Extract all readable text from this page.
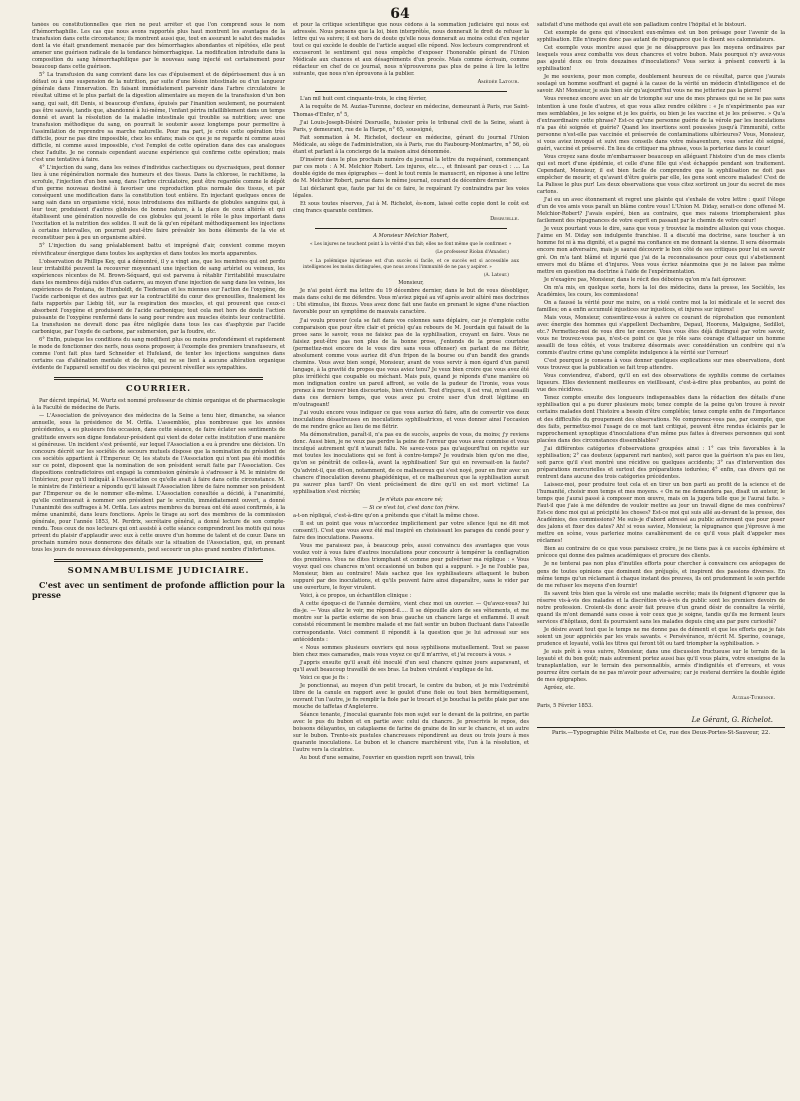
64

tanées ou constitutionnelles que rien ne peut arrêter et que l'on comprend sous le nom d'hémorrhaphilie. Les cas que nous avons rapportés plus haut montrent les avantages de la transfusion dans cette circonstance; ils montrent aussi que, tout en assurant le salut des malades dont la vie était grandement menacée par des hémorrhagies abondantes et répétées, elle peut amener une guérison radicale de la tendance hémorrhagique. La modification introduite dans la composition du sang hémorrhaphilique par le nouveau sang injecté est certainement pour beaucoup dans cette guérison.

5° La transfusion du sang convient dans les cas d'épuisement et de dépérissement dus à un défaut ou à une suspension de la nutrition, par suite d'une lésion intestinale ou d'un langueur générale dans l'innervation. En faisant immédiatement parvenir dans l'arbre circulatoire le résultat ultime et le plus parfait de la digestion alimentaire au moyen de la transfusion d'un bon sang, qui sait, dit Denis, si beaucoup d'enfans, épuisés par l'inanition seulement, ne pourraient pas être sauvés, tandis que, abandonné à lui-même, l'enfant périra infailliblement dans un temps donné et avant la résolution de la maladie intestinale qui troublie sa nutrition; avec une transfusion méthodique du sang, on pourrait le soutenir assez longtemps pour permettre à l'assimilation de reprendre sa marche naturelle. Pour ma part, je crois cette opération très difficile, pour ne pas dire impossible, chez les enfans; mais ce que je ne regarde ni comme aussi difficile, ni comme aussi impossible, c'est l'emploi de cette opération dans des cas analogues chez l'adulte. Je ne connais cependant aucune expérience qui confirme cette opération; mais c'est une tentative à faire.

4° L'injection du sang, dans les veines d'individus cachectiques ou dyscrasiques, peut donner lieu à une régénération normale des humeurs et des tissus. Dans la chlorose, le rachitisme, la scrofule, l'injection d'un bon sang, dans l'arbre circulatoire, peut être regardée comme le dépôt d'un germe nouveau destiné à favoriser une reproduction plus normale des tissus, et par conséquent une modification dans la constitution tout entière. En injectant quelques onces de sang sain dans un organisme vicié, nous introduisons des milliards de globules sanguins qui, à leur tour, produisent d'autres globules de bonne nature, à la place de ceux altérés et qui établissent une génération nouvelle de ces globules qui jouent le rôle le plus important dans l'excitation et la nutrition des solides. Il suit de là qu'en répétant méthodiquement les injections à certains intervalles, on pourrait peut-être faire prévaloir les bons éléments de la vie et reconstituer peu à peu un organisme altéré.

5° L'injection du sang préalablement battu et imprégné d'air, convient comme moyen révivificateur énergique dans toutes les asphyxies et dans toutes les morts apparentes.

L'observation de Phillips Key, qui a démontré, il y a vingt ans, que les membres qui ont perdu leur irritabilité peuvent la recouvrer moyennant une injection de sang artériel ou veineux, les expériences récentes de M. Brown-Séquard, qui est parvenu à rétablir l'irritabilité musculaire dans les membres déjà raides d'un cadavre, au moyen d'une injection de sang dans les veines, les expériences de Fontana, de Humboldt, de Tiedeman et les miennes sur l'action de l'oxygène, de l'acide carbonique et des autres gaz sur la contractilité du cœur des grenouilles, finalement les faits rapportés par Liebig tôt, sur la respiration des muscles, et qui prouvent que ceux-ci absorbent l'oxygène et produisent de l'acide carbonique; tout cela met hors de doute l'action puissante de l'oxygène renfermé dans le sang pour rendre aux muscles éteints leur contractilité. La transfusion ne devrait donc pas être négligée dans tous les cas d'asphyxie par l'acide carbonique, par l'oxyde de carbone, par submersion, par la foudre, etc.

6° Enfin, puisque les conditions du sang modifient plus ou moins profondément et rapidement le mode de fonctionner des nerfs, nous osons proposer, à l'exemple des premiers transfuseurs, et comme l'ont fait plus tard Schneider et Hufeland, de tenter les injections sanguines dans certains cas d'aliénation mentale et de folie, qui ne se lient à aucune altération organique évidente de l'appareil sensitif ou des viscères qui peuvent réveiller ses sympathies.

COURRIER.

Par décret impérial, M. Wurtz est nommé professeur de chimie organique et de pharmacologie à la Faculté de médecine de Paris.

— L'Association de prévoyance des médecins de la Seine a tenu hier, dimanche, sa séance annuelle, sous la présidence de M. Orfila. L'assemblée, plus nombreuse que les années précédentes, a eu plusieurs fois occasion, dans cette séance, de faire éclater ses sentiments de gratitude envers son digne fondateur-président qui vient de doter cette institution d'une manière si généreuse. Un incident s'est présenté, sur lequel l'Association a eu à prendre une décision. Un concours décrét sur les sociétés de secours mutuels dispose que la nomination du président de ces sociétés appartient à l'Empereur. Or, les statuts de l'Association qui n'ont pas été modifiés sur ce point, disposent que la nomination de son président serait faite par l'Association. Ces dispositions contradictoires ont engagé la commission générale à s'adresser à M. le ministre de l'intérieur, pour qu'il indiquât à l'Association ce qu'elle avait à faire dans cette circonstance. M. le ministre de l'intérieur a répondu qu'il laissait l'Association libre de faire nommer son président par l'Empereur ou de le nommer elle-même. L'Association consultée a décidé, à l'unanimité, qu'elle continuerait à nommer son président par le scrutin, immédiatement ouvert, a donné l'unanimité des suffrages à M. Orfila. Les autres membres du bureau ont été aussi confirmés, à la même unanimité, dans leurs fonctions. Après le tirage au sort des membres de la commission générale, pour l'année 1853, M. Perdrix, secrétaire général, a donné lecture de son compte-rendu. Tous ceux de nos lecteurs qui ont assisté à cette séance comprendront les motifs qui nous privent du plaisir d'applaudir avec eux à cette œuvre d'un homme de talent et de cœur. Dans un prochain numéro nous donnerons des détails sur la situation de l'Association, qui, en prenant tous les jours de nouveaux développements, peut secourir un plus grand nombre d'infortunes.

SOMNAMBULISME JUDICIAIRE.

C'est avec un sentiment de profonde affliction pour la presse

et pour la critique scientifique que nous cédons à la sommation judiciaire qui nous est adressée. Nous pensons que la loi, bien interprétée, nous donnerait le droit de refuser la lettre qui va suivre; il est hors de doute qu'elle nous donnerait au moins celui d'en rejeter tout ce qui excède le double de l'article auquel elle répond. Nos lecteurs comprendront et excuseront le sentiment qui nous empêche d'exposer l'honorable gérant de l'Union Médicale aux chances et aux désagréments d'un procès. Mais comme écrivain, comme rédacteur en chef de ce journal, nous n'éprouverons pas plus de peine à lire la lettre suivante, que nous n'en éprouvons à la publier.

Amédée Latour.

L'an mil huit cent cinquante-trois, le cinq février,

A la requête de M. Auzias-Turenne, docteur en médecine, demeurant à Paris, rue Saint-Thomas-d'Enfer, n° 5,

J'ai Louis-Joseph-Désiré Desruelle, huissier près le tribunal civil de la Seine, séant à Paris, y demeurant, rue de la Harpe, n° 65, soussigné,

Fait sommation à M. Richelot, docteur en médecine, gérant du journal l'Union Médicale, au siège de l'administration, sis à Paris, rue du Faubourg-Montmartre, n° 56, où étant et parlant à la concierge de la maison ainsi dénommée.

D'insérer dans le plus prochain numéro du journal la lettre du requérant, commençant par ces mots : A M. Melchior Robert. Les injures, etc...., et finissant par ceux-ci : .... La double égide de mes épigraphes — dont le tout remis le manuscrit, en réponse à une lettre de M. Melchior Robert, parue dans le même journal, courant de décembre dernier.

Lui déclarant que, faute par lui de ce faire, le requérant l'y contraindra par les voies légales.

Et sous toutes réserves, j'ai à M. Richelot, ès-nom, laissé cette copie dont le coût est cinq francs quarante centimes.

Desruelle.

A Monsieur Melchior Robert,

« Les injures ne touchent point à la vérité d'un fait; elles ne font même que le confirmer. »

(Le professeur Riolan d'Amador.)

« La polémique injurieuse est d'un succès si facile, et ce succès est si accessible aux intelligences les moins distinguées, que nous avons l'immunité de ne pas y aspirer. »

(A. Latour.)

Monsieur,

Je n'ai point écrit ma lettre du 19 décembre dernier, dans le but de vous désobliger, mais dans celui de me défendre. Vous m'aviez piqué au vif après avoir altéré mes doctrines : Ubi stimulus, ibi fluxus. Vous avez donc fait une faute en prenant le signe d'une réaction favorable pour un symptôme de mauvais caractère.

J'ai voulu prouver (cela se fait dans vos colonnes sans déplaire, car je n'emploie cette comparaison que pour être clair et précis) qu'au rebours de M. Jourdain qui faisait de la prose sans le savoir, vous ne faisiez pas de la syphilisation, croyant en faire. Vous ne faisiez peut-être pas non plus de la bonne prose, j'entends de la prose courtoise (permettez-moi encore de le vous dire sans vous offenser) en parlant de me flétrir, absolument comme vous auriez dit d'un fripon de la bourse ou d'un bandit des grands chemins. Vous avez bien songé, Monsieur, avant de vous servir à mon égard d'un pareil langage, à la gravité du propos que vous aviez tenu? Je veux bien croire que vous avez été plus irréfléchi que coupable ou méchant. Mais puis, quand je réponds d'une manière où mon indignation contre un pareil affront, se voile de la pudeur de l'ironie, vous vous prenez à me trouver bien discourtois, bien virulent. Tout d'injures, il est vrai, m'ont assailli dans ces derniers temps, que vous avez pu croire user d'un droit légitime en m'outrageant!

J'ai voulu encore vous indiquer ce que vous auriez dû faire, afin de convertir vos deux inoculations désastreuses en inoculations syphilisatrices, et vous donner ainsi l'occasion de me rendre grâce au lieu de me flétrir.

Ma démonstration, paraît-il, n'a pas eu de succès, auprès de vous, du moins; j'y reviens donc. Aussi bien, je ne veux pas perdre la peine de l'erreur que vous avez commise et vous inculqué autrement qu'il n'aurait fallu. Ne savez-vous pas qu'aujourd'hui on rejette sur moi toutes les inoculations qui se font à contre-temps? Je voudrais bien qu'on me dise, qu'on se pénétrât de celles-là, avant la syphilisation! Sur qui en reversait-on la faute? Qu'advint-il, que dit-on, notamment, de ce malheureux qui s'est noyé, pour en finir avec un chancre d'inoculation devenu phagédénique, et ce malheureux que la syphilisation aurait pu sauver plus tard? On vient précisément de dire qu'il en est mort victime! La syphilisation s'est récriée;

Je n'étais pas encore né;

— Si ce n'est toi, c'est donc ton frère.

a-t-on répliqué, c'est-à-dire qu'on a prétendu que c'était la même chose.

Il est un point que vous m'accordez implicitement par votre silence (qui ne dit mot consent!). C'est que vous avez été mal inspiré en choisissant les parages du condé pour y faire des inoculations. Passons.

Vous me paraissez pas, à beaucoup près, aussi convaincu des avantages que vous voulez voir à vous faire d'autres inoculations pour concourir à tempérer la conflagration des premières. Vous ne dites triomphant et comme pour pulvériser ma réplique : « Vous voyez quel ces chancres m'ont occasionné un bubon qui a suppuré. » Je ne l'oublie pas, Monsieur, bien au contraire! Mais sachez que les syphilisateurs attaquent le bubon suppuré par des inoculations, et qu'ils peuvent faire ainsi disparaître, sans le vider par une ouverture, le foyer virulent.

Voici, à ce propos, un échantillon clinique :

A cette époque-ci de l'année dernière, vient chez moi un ouvrier. — Qu'avez-vous? lui dis-je. — Vous allez le voir, me répond-il..... Il se dépouille alors de ses vêtements, et me montre sur la partie externe de son bras gauche un chancre large et enflammé. Il avait consisté récemment le membre malade et me fait sentir un bubon fluctuant dans l'aisselle correspondante. Voici comment il répondit à la question que je lui adressai sur ses antécédents :

« Nous sommes plusieurs ouvriers qui nous syphilisons mutuellement. Tout se passe bien chez mes camarades, mais vous voyez ce qu'il m'arrive, et j'ai recours à vous. »

J'appris ensuite qu'il avait été inoculé d'un seul chancre quinze jours auparavant, et qu'il avait beaucoup travaillé de ses bras. Le bubon virulent s'explique de lui.

Voici ce que je fis :

Je ponctionnai, au moyen d'un petit trocart, le centre du bubon, et je mis l'extrémité libre de la canule en rapport avec le goulot d'une fiole ou tout bien hermétiquement, ouvrant l'un l'autre, je fis remplir la fiole par le trocart et je bouchai la petite plaie par une mouche de taffetas d'Angleterre.

Séance tenante, j'inoculai quarante fois mon sujet sur le devant de la poitrine, en partie avec le pus du bubon et en partie avec celui du chancre. Je prescrivis le repos, des boissons délayantes, un cataplasme de farine de graine de lin sur le chancre, et un autre sur le bubon. Trente-six pustules chancreuses répondirent au deux ou trois jours à mes quarante inoculations. Le bubon et le chancre marchèrent vite, l'un à la résolution, et l'autre vers la cicatrice.

Au bout d'une semaine, l'ouvrier en question reprit son travail, très

satisfait d'une méthode qui avait été son palladium contre l'hôpital et le bistouri.

Cet exemple de gens qui s'inoculent eux-mêmes est un bon présage pour l'avenir de la syphilisation. Elle n'inspire donc pas autant de répugnance que le disent ses calomniateurs.

Cet exemple vous montre aussi que je ne désapprouve pas les moyens ordinaires par lesquels vous avez combattu vos deux chancres et votre bubon. Mais pourquoi n'y avez-vous pas ajouté deux ou trois douzaines d'inoculations? Vous seriez à présent converti à la syphilisation!

Je me souviens, pour mon compte, doublement heureux de ce résultat, parce que j'aurais soulagé un homme souffrant et gagné à la cause de la vérité un médecin d'intelligence et de savoir. Ah! Monsieur, je suis bien sûr qu'aujourd'hui vous ne me jetteriez pas la pierre!

Vous revenez encore avec un air de triomphe sur une de mes phrases qui ne se lie pas sans intention à une foule d'autres, et que vous allez rendre célèbre : « Je n'expérimente pas sur mes semblables, je les soigne et je les guéris, ou bien je les vaccine et je les préserve. » Qu'a d'extraordinaire cette phrase? Est-ce qu'une personne guérie de la vérole par les inoculations n'a pas été soignée et guérie? Quand les insertions sont poussées jusqu'à l'immunité, cette personne n'est-elle pas vaccinée et préservée de contaminations ultérieures? Vous, Monsieur, si vous aviez invoqué et suivi mes conseils dans votre mésaventure, vous seriez été soigné, guéri, vacciné et préservé. En lieu de critiquer ma phrase, vous la porteriez dans le cœur!

Vous croyez sans doute m'embarrasser beaucoup en alléguant l'histoire d'un de mes clients qui est mort d'une épidémie, et celle d'une fille qui s'est échappée pendant son traitement. Cependant, Monsieur, il est bien facile de comprendre que la syphilisation ne doit pas empêcher de mourir, et qu'avant d'être guéris par elle, les gens sont encore malades! C'est de La Palisse le plus pur! Les deux observations que vous citez sortiront un jour du secret de mes cartons.

J'ai eu un avec étonnement et regret une plainte qui s'exhale de votre lettre : quoi! l'éloge d'un de vos amis vous paraît un blâme contre vous! L'Union M. Diday, serait-ce donc offensé M. Melchior-Robert? J'avais espéré, bien au contraire, que mes raisons triompheraient plus facilement des répugnances de votre esprit en passant par le chemin de votre cœur!

Je veux pourtant vous le dire, sans que vous y trouviez la moindre allusion qui vous choque. J'aime en M. Diday son indulgente franchise. Il a discuté ma doctrine, sans toucher à un homme foi ni à ma dignité, et a gagné ma confiance en me donnant la sienne. Il sera désormais encore mon adversaire, mais je saurai découvrir le bon côté de ses critiques pour lui en savoir gré. On m'a tant blâmé et injurié que j'ai de la reconnaissance pour ceux qui s'abstiennent envers moi du blâme et d'injures. Vous vous écriez néanmoins que je ne laisse pas même mettre en question ma doctrine à l'aide de l'expérimentation.

Je n'exagère pas, Monsieur, dans le récit des déboires qu'on m'a fait éprouver.

On m'a mis, en quelque sorte, hors la loi des médecins, dans la presse, les Sociétés, les Académies, les cours, les commissions!

On a faussé la vérité pour me nuire, on a violé contre moi la loi médicale et le secret des familles; on a enfin accumulé injustices sur injustices, et injures sur injures!

Mais vous, Monsieur, consentirez-vous à suivre ce courant de réprobation que remontent avec énergie des hommes qui s'appellent Dechambre, Depaul, Hoorens, Malgaigne, Sedillot, etc.? Permettez-moi de vous dire ter encore. Vous vous êtes déjà distingué par votre savoir, vous ne trouvez-vous pas, n'est-ce point ce que je rôle sans courage d'attaquer un homme assailli de tous côtés, et vous traiterez désormais avec considération un confrère qui n'a commis d'autre crime qu'une complète indulgence à la vérité sur l'erreur!

C'est pourquoi je consens à vous donner quelques explications sur mes observations, dont vous trouvez que la publication se fait trop attendre.

Vous conviendrez, d'abord, qu'il en est des observations de syphilis comme de certaines liqueurs. Elles deviennent meilleures en vieillissant, c'est-à-dire plus probantes, au point de vue des récidives.

Tenez compte ensuite des longueurs indispensables dans la rédaction des détails d'une syphilisation qui a pu durer plusieurs mois; tenez compte de la peine qu'on trouve à revoir certains malades dont l'histoire a besoin d'être complétée; tenez compte enfin de l'importance et des difficultés du groupement des observations. Ne comprenez-vous pas, par exemple, que des faits, permettez-moi l'usage de ce mot tant critiqué, peuvent être rendus éclairés par le rapprochement synoptique d'inoculations d'un même pus faites à diverses personnes qui sont placées dans des circonstances dissemblables?

J'ai différentes catégories d'observations groupées ainsi : 1° cas très favorables à la syphilisation; 2° cas douteux (apparent rari nantes), soit parce que la guérison n'a pas eu lieu, soit parce qu'il s'est montré une récidive ou quelques accidents; 3° cas d'intervention des préparations mercurielles et surtout des préparations iodurées; 4° enfin, cas divers qui ne rentrent dans aucune des trois catégories précédentes.

Laissez-moi, pour produire tout cela et en tirer un bon parti au profit de la science et de l'humanité, choisir mon temps et mes moyens. « On ne me demandera pas, disait un auteur, le temps que j'aurai passé à composer mon œuvre, mais on la jugera telle que je l'aurai faite. » Faut-il que j'aie à me défendre de vouloir mettre au jour un travail digne de mes confrères? Est-ce donc moi qui ai précipité les choses? Est-ce moi qui suis allé au-devant de la presse, des Académies, des commissions? Me suis-je d'abord adressé au public autrement que pour poser des jalons et fixer des dates? Ah! si vous saviez, Monsieur, la répugnance que j'éprouve à me mettre en scène, vous parleriez moins cavalièrement de ce qu'il vous plaît d'appeler mes réclames!

Bien au contraire de ce que vous paraissez croire, je ne tiens pas à ce succès éphémère et précoce qui donne des palmes académiques et procure des clients.

Je ne tenterai pas non plus d'inutiles efforts pour chercher à convaincre ces aréopages de gens de toutes opinions que dominent des préjugés, et inspirent des passions diverses. En même temps qu'un réclamant à chaque instant des preuves, ils ont prudemment le soin perfide de me refuser les moyens d'en fournir!

Ils savent très bien que la vérole est une maladie secrète; mais ils feignent d'ignorer que la réserve vis-à-vis des malades et la discrétion vis-à-vis du public sont les premiers devoirs de notre profession. Croient-ils donc avoir fait preuve d'un grand désir de connaître la vérité, quand ils m'ont demandé sans cesse à voir ceux que je soigne, tandis qu'ils me ferment leurs services d'hôpitaux, dont ils pourraient sans les malades depuis cinq ans par pure curiosité?

Je désire avant tout que le temps ne me donne pas de démenti et que les efforts que je fais soient un jour appréciés par les vrais savants. « Persévérance, m'écrit M. Sperino, courage, prudence et loyauté, voilà les titres qui feront tôt ou tard triompher la syphilisation. »

Je suis prêt à vous suivre, Monsieur, dans une discussion fructueuse sur le terrain de la loyauté et du bon goût; mais autrement portez aussi bas qu'il vous plaira, votre enseigne de la transplantation, sur le terrain des personnalités, armés d'indignités et d'erreurs, et vous pourrez être certain de ne pas m'avoir pour adversaire; car je resterai derrière la double égide de mes épigraphes.

Agréez, etc.

Auzias-Turenne.

Paris, 5 Février 1853.

Le Gérant, G. Richelot.

Paris.—Typographie Félix Malteste et Ce, rue des Deux-Portes-St-Sauveur, 22.
